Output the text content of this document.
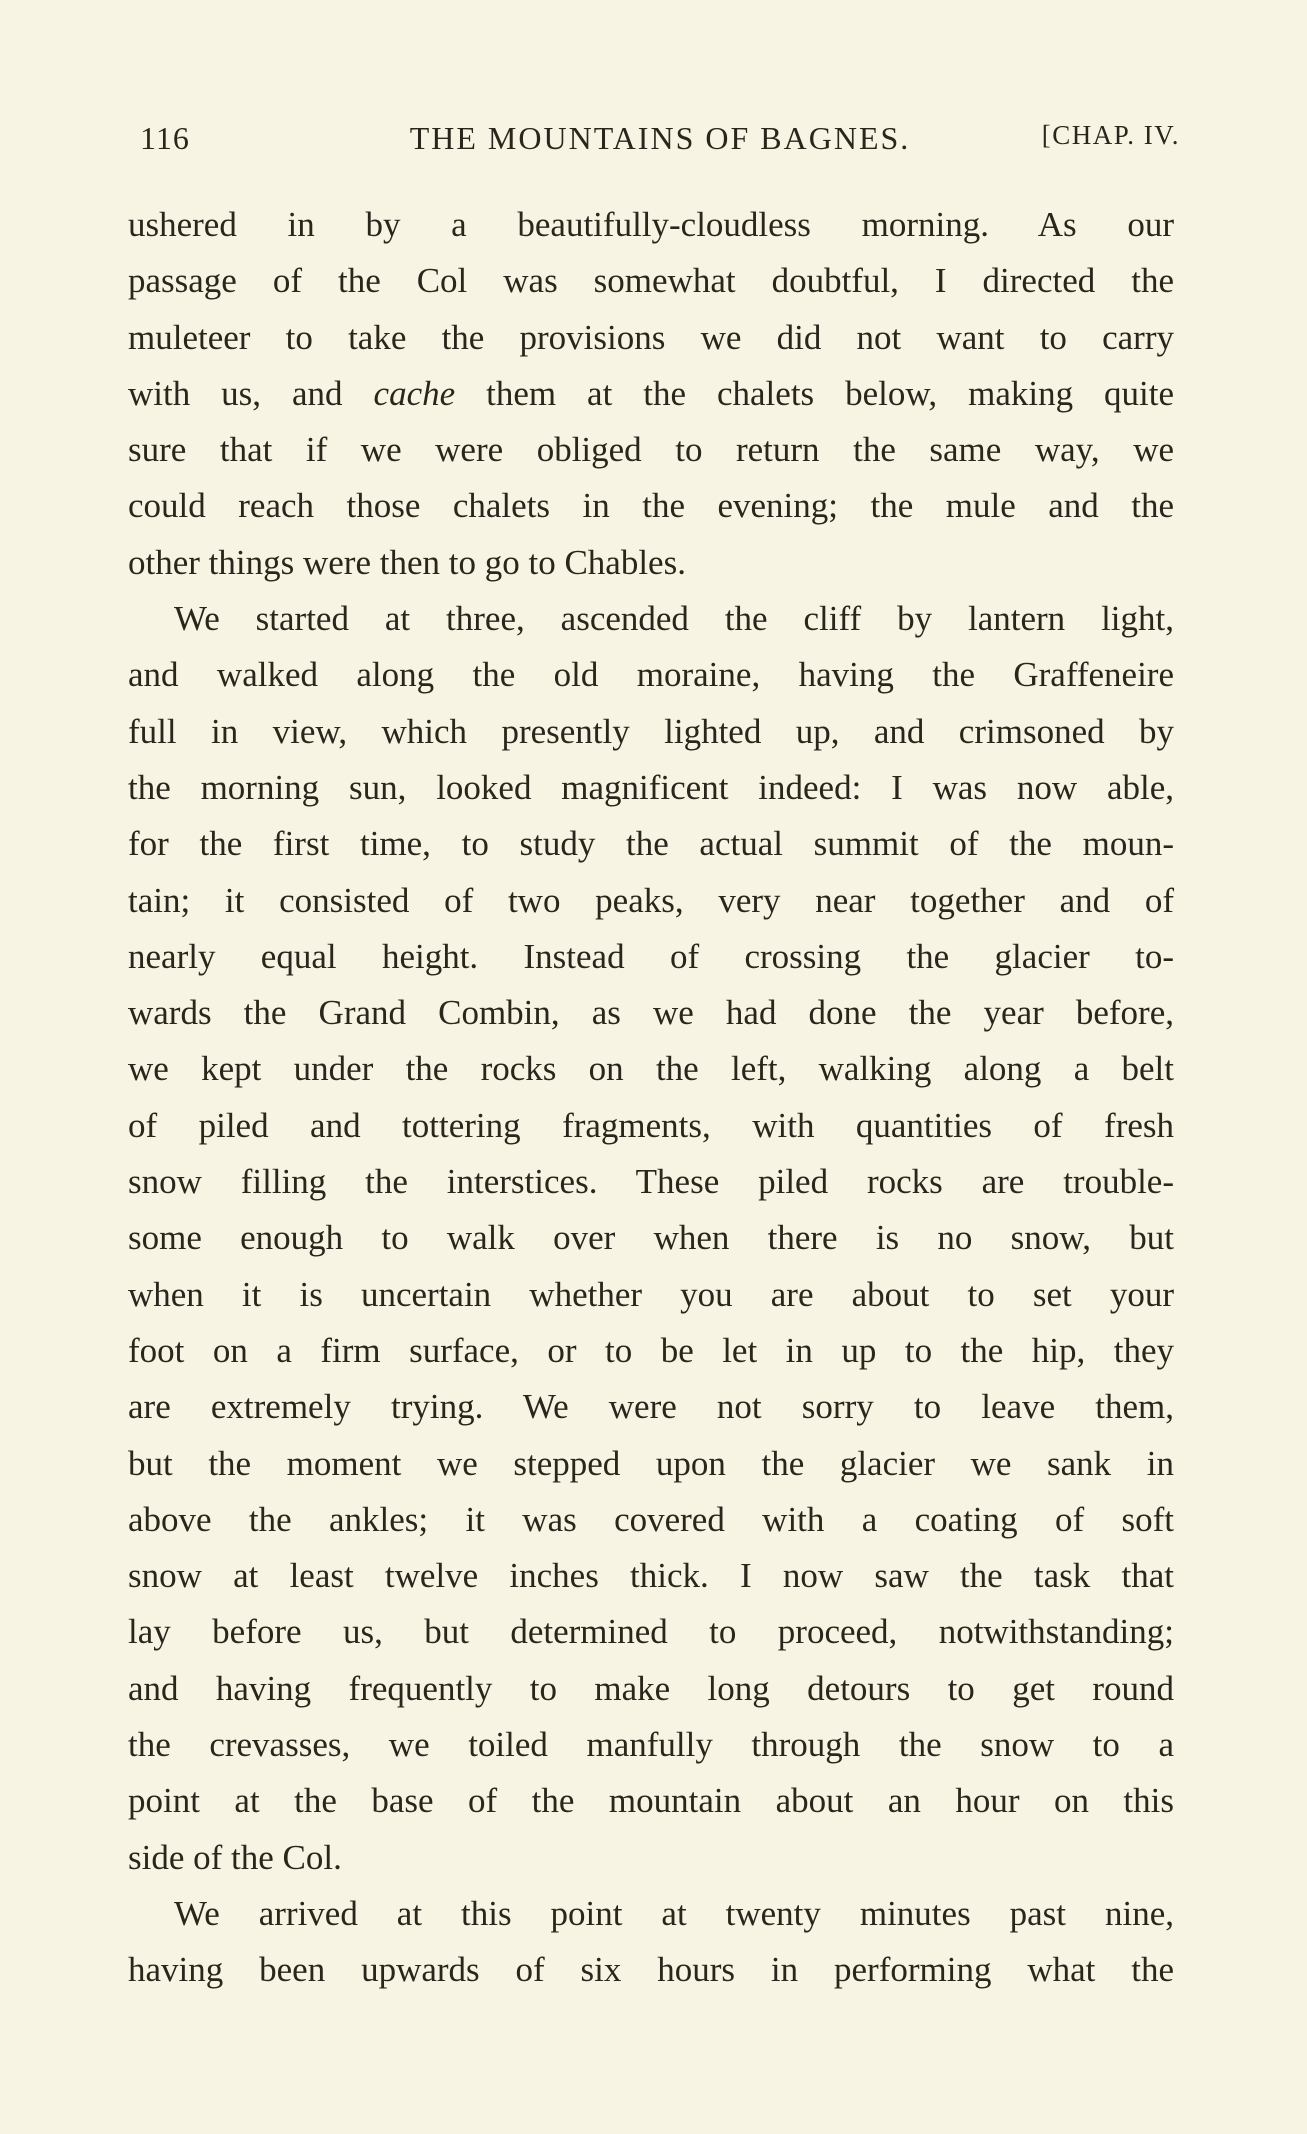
116	THE MOUNTAINS OF BAGNES.	[CHAP. IV.
ushered in by a beautifully-cloudless morning. As our
passage of the Col was somewhat doubtful, I directed the
muleteer to take the provisions we did not want to carry
with us, and cache them at the chalets below, making quite
sure that if we were obliged to return the same way, we
could reach those chalets in the evening; the mule and the
other things were then to go to Chables.
We started at three, ascended the cliff by lantern light,
and walked along the old moraine, having the Graffeneire
full in view, which presently lighted up, and crimsoned by
the morning sun, looked magnificent indeed: I was now able,
for the first time, to study the actual summit of the moun-
tain; it consisted of two peaks, very near together and of
nearly equal height. Instead of crossing the glacier to-
wards the Grand Combin, as we had done the year before,
we kept under the rocks on the left, walking along a belt
of piled and tottering fragments, with quantities of fresh
snow filling the interstices. These piled rocks are trouble-
some enough to walk over when there is no snow, but
when it is uncertain whether you are about to set your
foot on a firm surface, or to be let in up to the hip, they
are extremely trying. We were not sorry to leave them,
but the moment we stepped upon the glacier we sank in
above the ankles; it was covered with a coating of soft
snow at least twelve inches thick. I now saw the task that
lay before us, but determined to proceed, notwithstanding;
and having frequently to make long detours to get round
the crevasses, we toiled manfully through the snow to a
point at the base of the mountain about an hour on this
side of the Col.
We arrived at this point at twenty minutes past nine,
having been upwards of six hours in performing what the
